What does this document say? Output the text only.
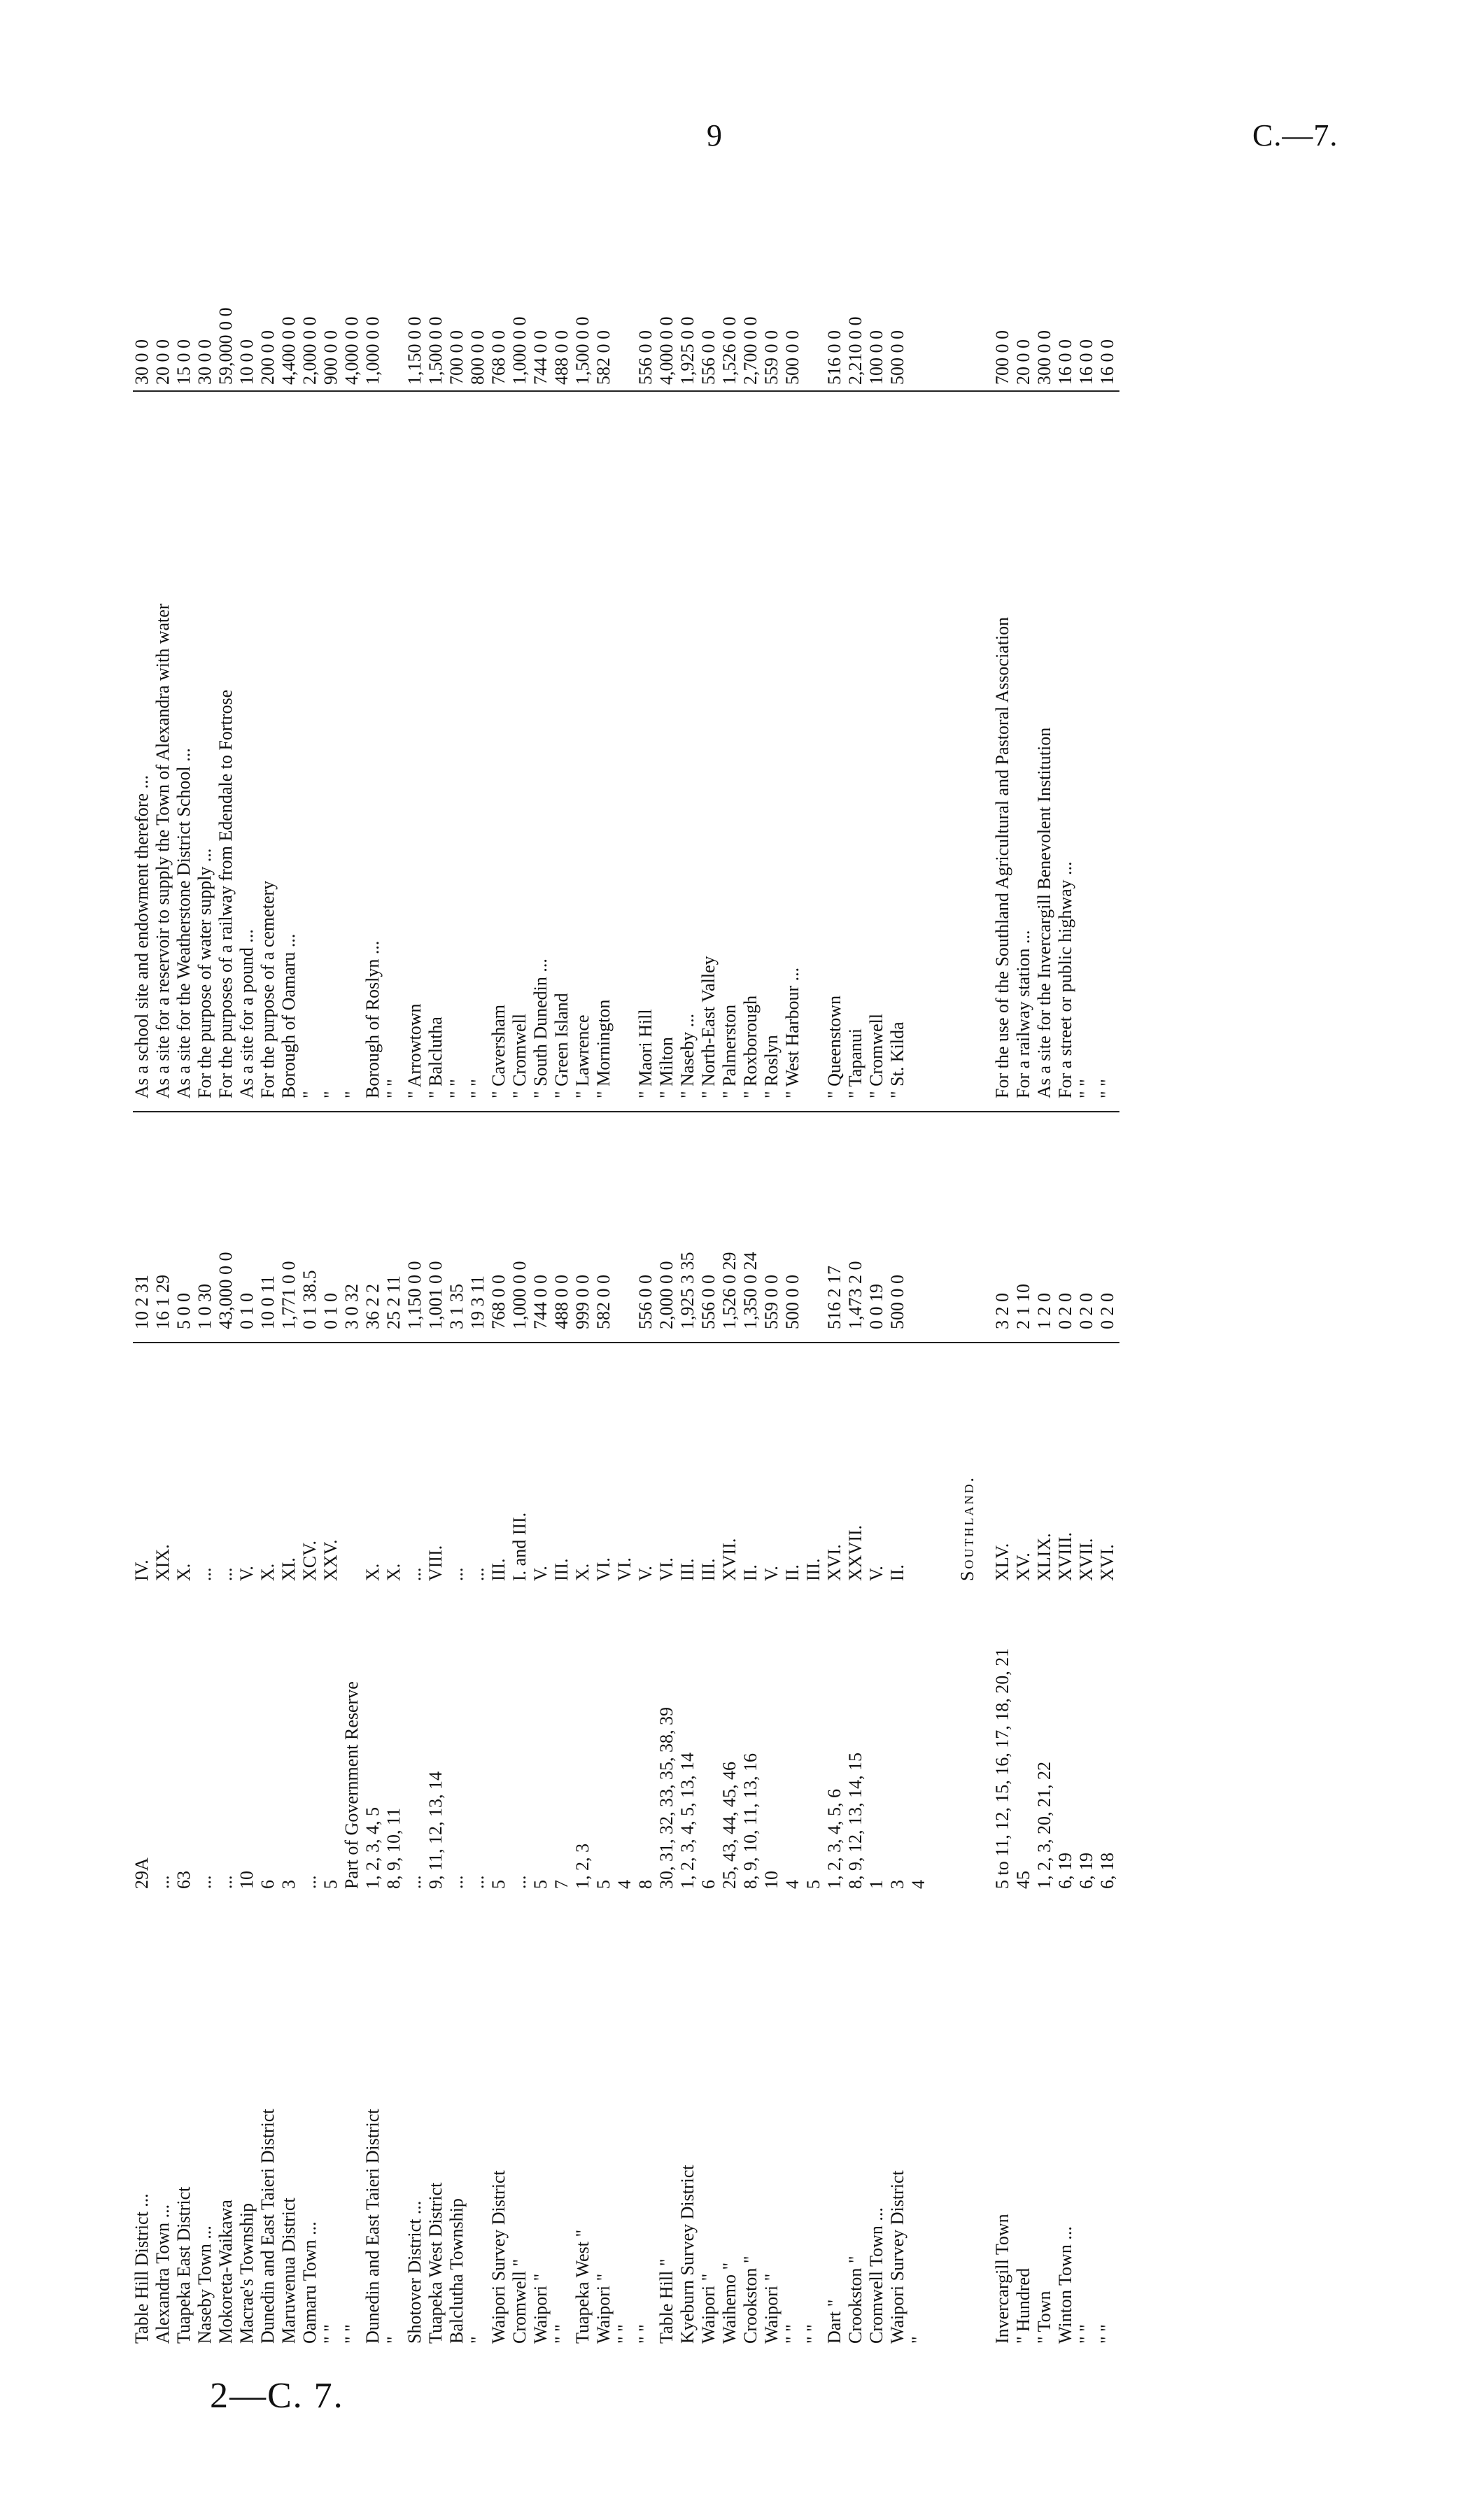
9	C.—7.
Table Hill District ...
29A
IV.
10 2 31
As a school site and endowment therefore ...
30 0 0
Alexandra Town ...
...
XIX.
16 1 29
As a site for a reservoir to supply the Town of Alexandra with water
20 0 0
Tuapeka East District
63
X.
5 0 0
As a site for the Weatherstone District School ...
15 0 0
Naseby Town ...
...
...
1 0 30
For the purpose of water supply ...
30 0 0
Mokoreta-Waikawa
...
...
43,000 0 0
For the purposes of a railway from Edendale to Fortrose
59,000 0 0
Macrae's Township
10
V.
0 1 0
As a site for a pound ...
10 0 0
Dunedin and East Taieri District
6
X.
10 0 11
For the purpose of a cemetery
200 0 0
Maruwenua District
3
XI.
1,771 0 0
Borough of Oamaru ...
4,400 0 0
Oamaru Town ...
...
XCV.
0 1 38.5
"
2,000 0 0
" "
5
XXV.
0 1 0
"
900 0 0
" "
Part of Government Reserve
3 0 32
"
4,000 0 0
Dunedin and East Taieri District
1, 2, 3, 4, 5
X.
36 2 2
Borough of Roslyn ...
1,000 0 0
"
8, 9, 10, 11
X.
25 2 11
" "
Shotover District ...
...
...
1,150 0 0
" Arrowtown
1,150 0 0
Tuapeka West District
9, 11, 12, 13, 14
VIII.
1,001 0 0
" Balclutha
1,500 0 0
Balclutha Township
...
...
3 1 35
" "
700 0 0
"
...
...
19 3 11
" "
800 0 0
Waipori Survey District
5
III.
768 0 0
" Caversham
768 0 0
Cromwell "
...
I. and III.
1,000 0 0
" Cromwell
1,000 0 0
Waipori "
5
V.
744 0 0
" South Dunedin ...
744 0 0
" "
7
III.
488 0 0
" Green Island
488 0 0
Tuapeka West "
1, 2, 3
X.
999 0 0
" Lawrence
1,500 0 0
Waipori "
5
VI.
582 0 0
" Mornington
582 0 0
" "
4
VI.
" "
8
V.
556 0 0
" Maori Hill
556 0 0
Table Hill "
30, 31, 32, 33, 35, 38, 39
VI.
2,000 0 0
" Milton
4,000 0 0
Kyeburn Survey District
1, 2, 3, 4, 5, 13, 14
III.
1,925 3 35
" Naseby ...
1,925 0 0
Waipori "
6
III.
556 0 0
" North-East Valley
556 0 0
Waihemo "
25, 43, 44, 45, 46
XVII.
1,526 0 29
" Palmerston
1,526 0 0
Crookston "
8, 9, 10, 11, 13, 16
II.
1,350 0 24
" Roxborough
2,700 0 0
Waipori "
10
V.
559 0 0
" Roslyn
559 0 0
" "
4
II.
500 0 0
" West Harbour ...
500 0 0
" "
5
III.
Dart "
1, 2, 3, 4, 5, 6
XVI.
516 2 17
" Queenstown
516 0 0
Crookston "
8, 9, 12, 13, 14, 15
XXVII.
1,473 2 0
" Tapanui
2,210 0 0
Cromwell Town ...
1
V.
0 0 19
" Cromwell
100 0 0
Waipori Survey District
3
II.
500 0 0
" St. Kilda
500 0 0
"
4
Southland.
Invercargill Town
5 to 11, 12, 15, 16, 17, 18, 20, 21
XLV.
3 2 0
For the use of the Southland Agricultural and Pastoral Association
700 0 0
" Hundred
45
XV.
2 1 10
For a railway station ...
20 0 0
" Town
1, 2, 3, 20, 21, 22
XLIX.
1 2 0
As a site for the Invercargill Benevolent Institution
300 0 0
Winton Town ...
6, 19
XVIII.
0 2 0
For a street or public highway ...
16 0 0
" "
6, 19
XVII.
0 2 0
" "
16 0 0
" "
6, 18
XVI.
0 2 0
" "
16 0 0
2—C. 7.
